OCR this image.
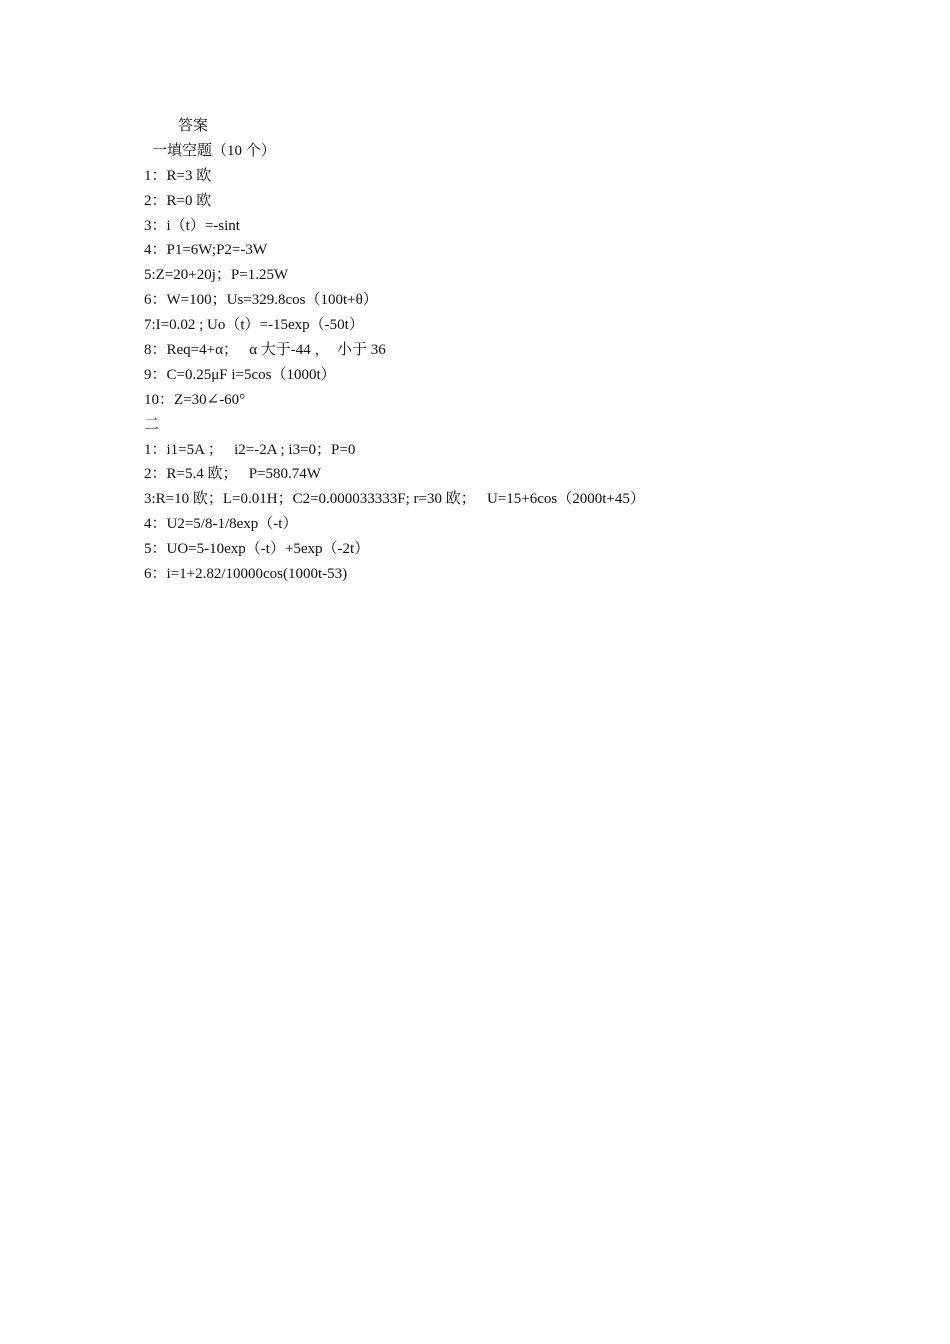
答案
一填空题（10 个）
1：R=3 欧
2：R=0 欧
3：i（t）=-sint
4：P1=6W;P2=-3W
5:Z=20+20j；P=1.25W
6：W=100；Us=329.8cos（100t+θ）
7:I=0.02 ; Uo（t）=-15exp（-50t）
8：Req=4+α；   α 大于-44 ，  小于 36
9：C=0.25μF i=5cos（1000t）
10：Z=30∠-60°
二
1：i1=5A ；   i2=-2A ; i3=0；P=0
2：R=5.4 欧；   P=580.74W
3:R=10 欧；L=0.01H；C2=0.000033333F; r=30 欧；   U=15+6cos（2000t+45）
4：U2=5/8-1/8exp（-t）
5：UO=5-10exp（-t）+5exp（-2t）
6：i=1+2.82/10000cos(1000t-53)
